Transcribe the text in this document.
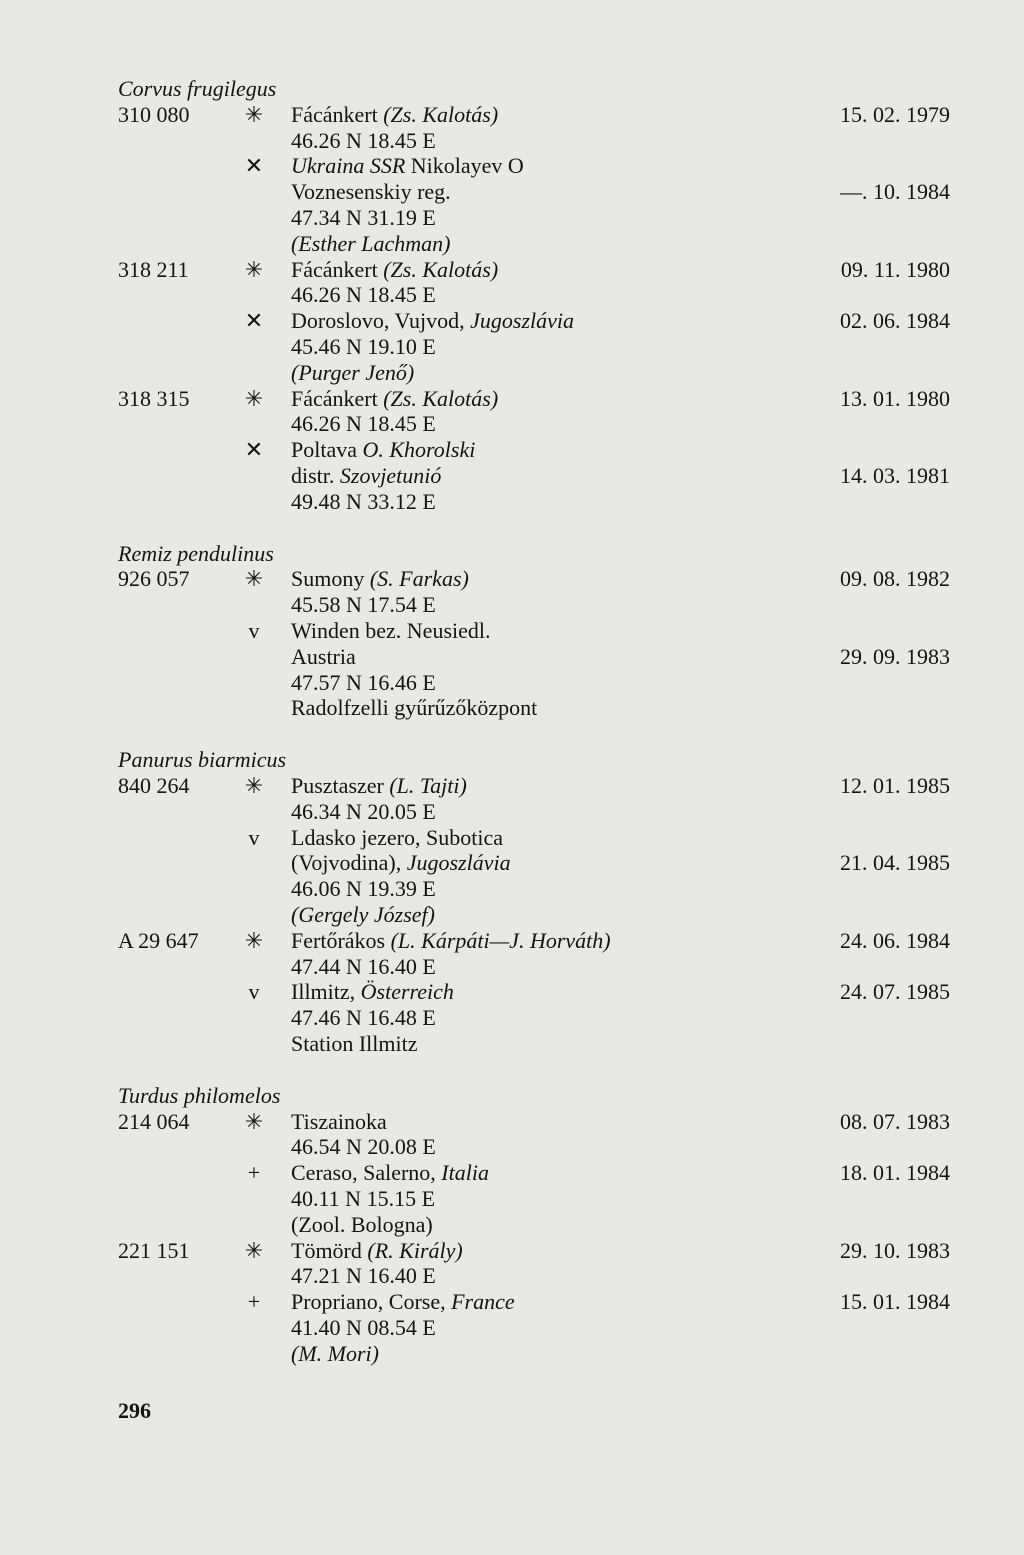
Corvus frugilegus
310 080	✳	Fácánkert (Zs. Kalotás)	15. 02. 1979
46.26 N 18.45 E
✕	Ukraina SSR Nikolayev O
Voznesenskiy reg.	—. 10. 1984
47.34 N 31.19 E
(Esther Lachman)
318 211	✳	Fácánkert (Zs. Kalotás)	09. 11. 1980
46.26 N 18.45 E
✕	Doroslovo, Vujvod, Jugoszlávia	02. 06. 1984
45.46 N 19.10 E
(Purger Jenő)
318 315	✳	Fácánkert (Zs. Kalotás)	13. 01. 1980
46.26 N 18.45 E
✕	Poltava O. Khorolski
distr. Szovjetunió	14. 03. 1981
49.48 N 33.12 E
Remiz pendulinus
926 057	✳	Sumony (S. Farkas)	09. 08. 1982
45.58 N 17.54 E
v	Winden bez. Neusiedl.
Austria	29. 09. 1983
47.57 N 16.46 E
Radolfzelli gyűrűzőközpont
Panurus biarmicus
840 264	✳	Pusztaszer (L. Tajti)	12. 01. 1985
46.34 N 20.05 E
v	Ldasko jezero, Subotica
(Vojvodina), Jugoszlávia	21. 04. 1985
46.06 N 19.39 E
(Gergely József)
A 29 647	✳	Fertőrákos (L. Kárpáti—J. Horváth)	24. 06. 1984
47.44 N 16.40 E
v	Illmitz, Österreich	24. 07. 1985
47.46 N 16.48 E
Station Illmitz
Turdus philomelos
214 064	✳	Tiszainoka	08. 07. 1983
46.54 N 20.08 E
+	Ceraso, Salerno, Italia	18. 01. 1984
40.11 N 15.15 E
(Zool. Bologna)
221 151	✳	Tömörd (R. Király)	29. 10. 1983
47.21 N 16.40 E
+	Propriano, Corse, France	15. 01. 1984
41.40 N 08.54 E
(M. Mori)
296
